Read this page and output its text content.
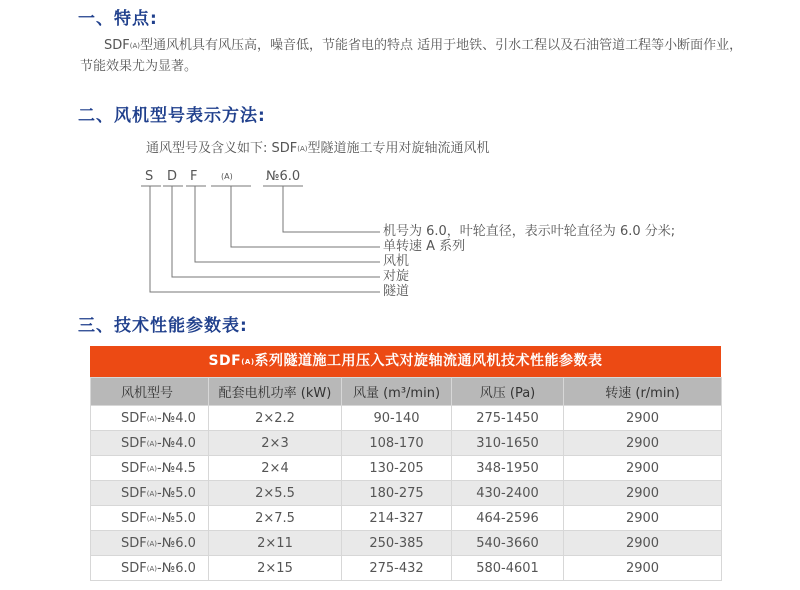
一、特点:

$SDF_{(A)}$型通风机具有风压高，噪音低，节能省电的特点 适用于地铁、引水工程以及石油管道工程等小断面作业，
节能效果尤为显著。

二、风机型号表示方法:
通风型号及含义如下: $SDF_{(A)}$型隧道施工专用对旋轴流通风机
S D F	(A)	№6.0
机号为 6.0，叶轮直径，表示叶轮直径为 6.0 分米;
单转速 A 系列
风机
对旋
隧道
三、技术性能参数表:
$SDF_{(A)}$系列隧道施工用压入式对旋轴流通风机技术性能参数表
风机型号	配套电机功率 (kW)	风量 (m³/min)	风压 (Pa)	转速 (r/min)
$SDF_{(A)}-№4.0$	2×2.2	90-140	275-1450	2900
$SDF_{(A)}-№4.0$	2×3	108-170	310-1650	2900
$SDF_{(A)}-№4.5$	2×4	130-205	348-1950	2900
$SDF_{(A)}-№5.0$	2×5.5	180-275	430-2400	2900
$SDF_{(A)}-№5.0$	2×7.5	214-327	464-2596	2900
$SDF_{(A)}-№6.0$	2×11	250-385	540-3660	2900
$SDF_{(A)}-№6.0$	2×15	275-432	580-4601	2900
